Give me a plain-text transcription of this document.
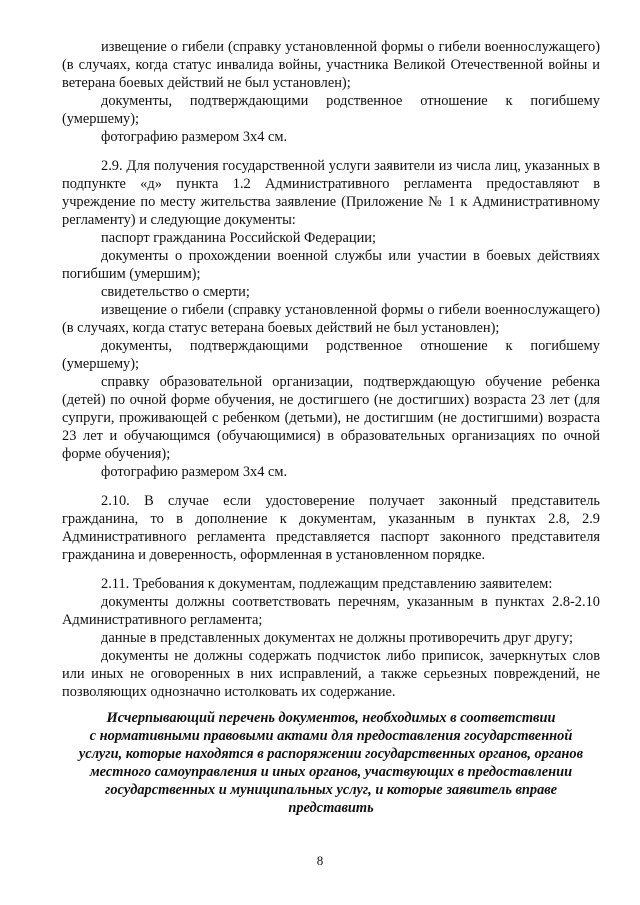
извещение о гибели (справку установленной формы о гибели военнослужащего) (в случаях, когда статус инвалида войны, участника Великой Отечественной войны и ветерана боевых действий не был установлен);

документы, подтверждающими родственное отношение к погибшему (умершему);

фотографию размером 3х4 см.

2.9. Для получения государственной услуги заявители из числа лиц, указанных в подпункте «д» пункта 1.2 Административного регламента предоставляют в учреждение по месту жительства заявление (Приложение № 1 к Административному регламенту) и следующие документы:

паспорт гражданина Российской Федерации;

документы о прохождении военной службы или участии в боевых действиях погибшим (умершим);

свидетельство о смерти;

извещение о гибели (справку установленной формы о гибели военнослужащего) (в случаях, когда статус ветерана боевых действий не был установлен);

документы, подтверждающими родственное отношение к погибшему (умершему);

справку образовательной организации, подтверждающую обучение ребенка (детей) по очной форме обучения, не достигшего (не достигших) возраста 23 лет (для супруги, проживающей с ребенком (детьми), не достигшим (не достигшими) возраста 23 лет и обучающимся (обучающимися) в образовательных организациях по очной форме обучения);

фотографию размером 3х4 см.

2.10. В случае если удостоверение получает законный представитель гражданина, то в дополнение к документам, указанным в пунктах 2.8, 2.9 Административного регламента представляется паспорт законного представителя гражданина и доверенность, оформленная в установленном порядке.

2.11. Требования к документам, подлежащим представлению заявителем:

документы должны соответствовать перечням, указанным в пунктах 2.8-2.10 Административного регламента;

данные в представленных документах не должны противоречить друг другу;

документы не должны содержать подчисток либо приписок, зачеркнутых слов или иных не оговоренных в них исправлений, а также серьезных повреждений, не позволяющих однозначно истолковать их содержание.

Исчерпывающий перечень документов, необходимых в соответствии
с нормативными правовыми актами для предоставления государственной
услуги, которые находятся в распоряжении государственных органов, органов
местного самоуправления и иных органов, участвующих в предоставлении
государственных и муниципальных услуг, и которые заявитель вправе
представить
8
